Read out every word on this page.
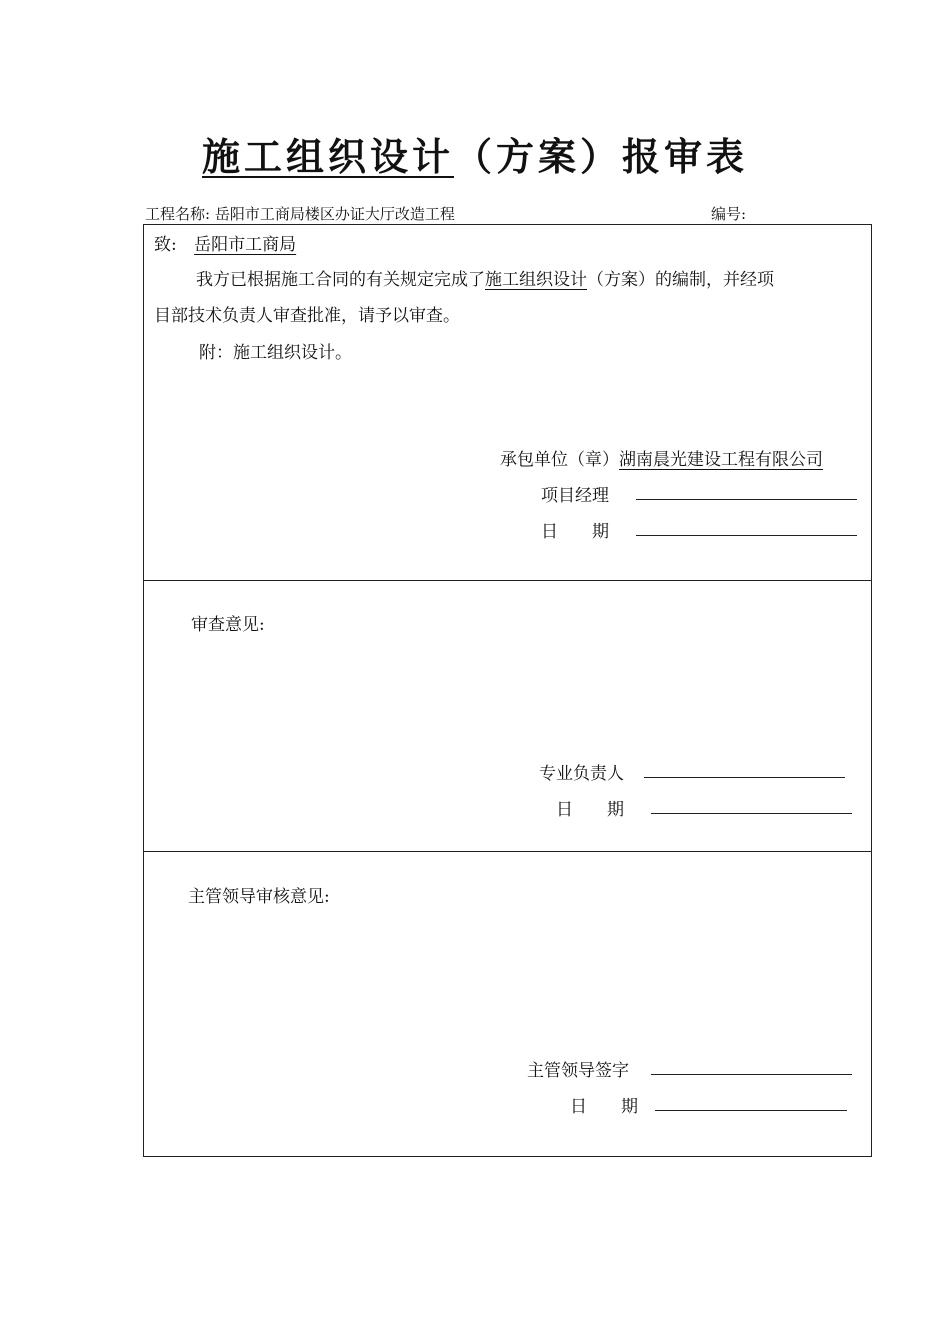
施工组织设计（方案）报审表
工程名称: 岳阳市工商局楼区办证大厅改造工程	编号:
致: 岳阳市工商局
我方已根据施工合同的有关规定完成了施工组织设计（方案）的编制，并经项
目部技术负责人审查批准，请予以审查。
附：施工组织设计。
承包单位（章）湖南晨光建设工程有限公司
项目经理
日　　期
审查意见:
专业负责人
日　　期
主管领导审核意见:
主管领导签字
日　　期
